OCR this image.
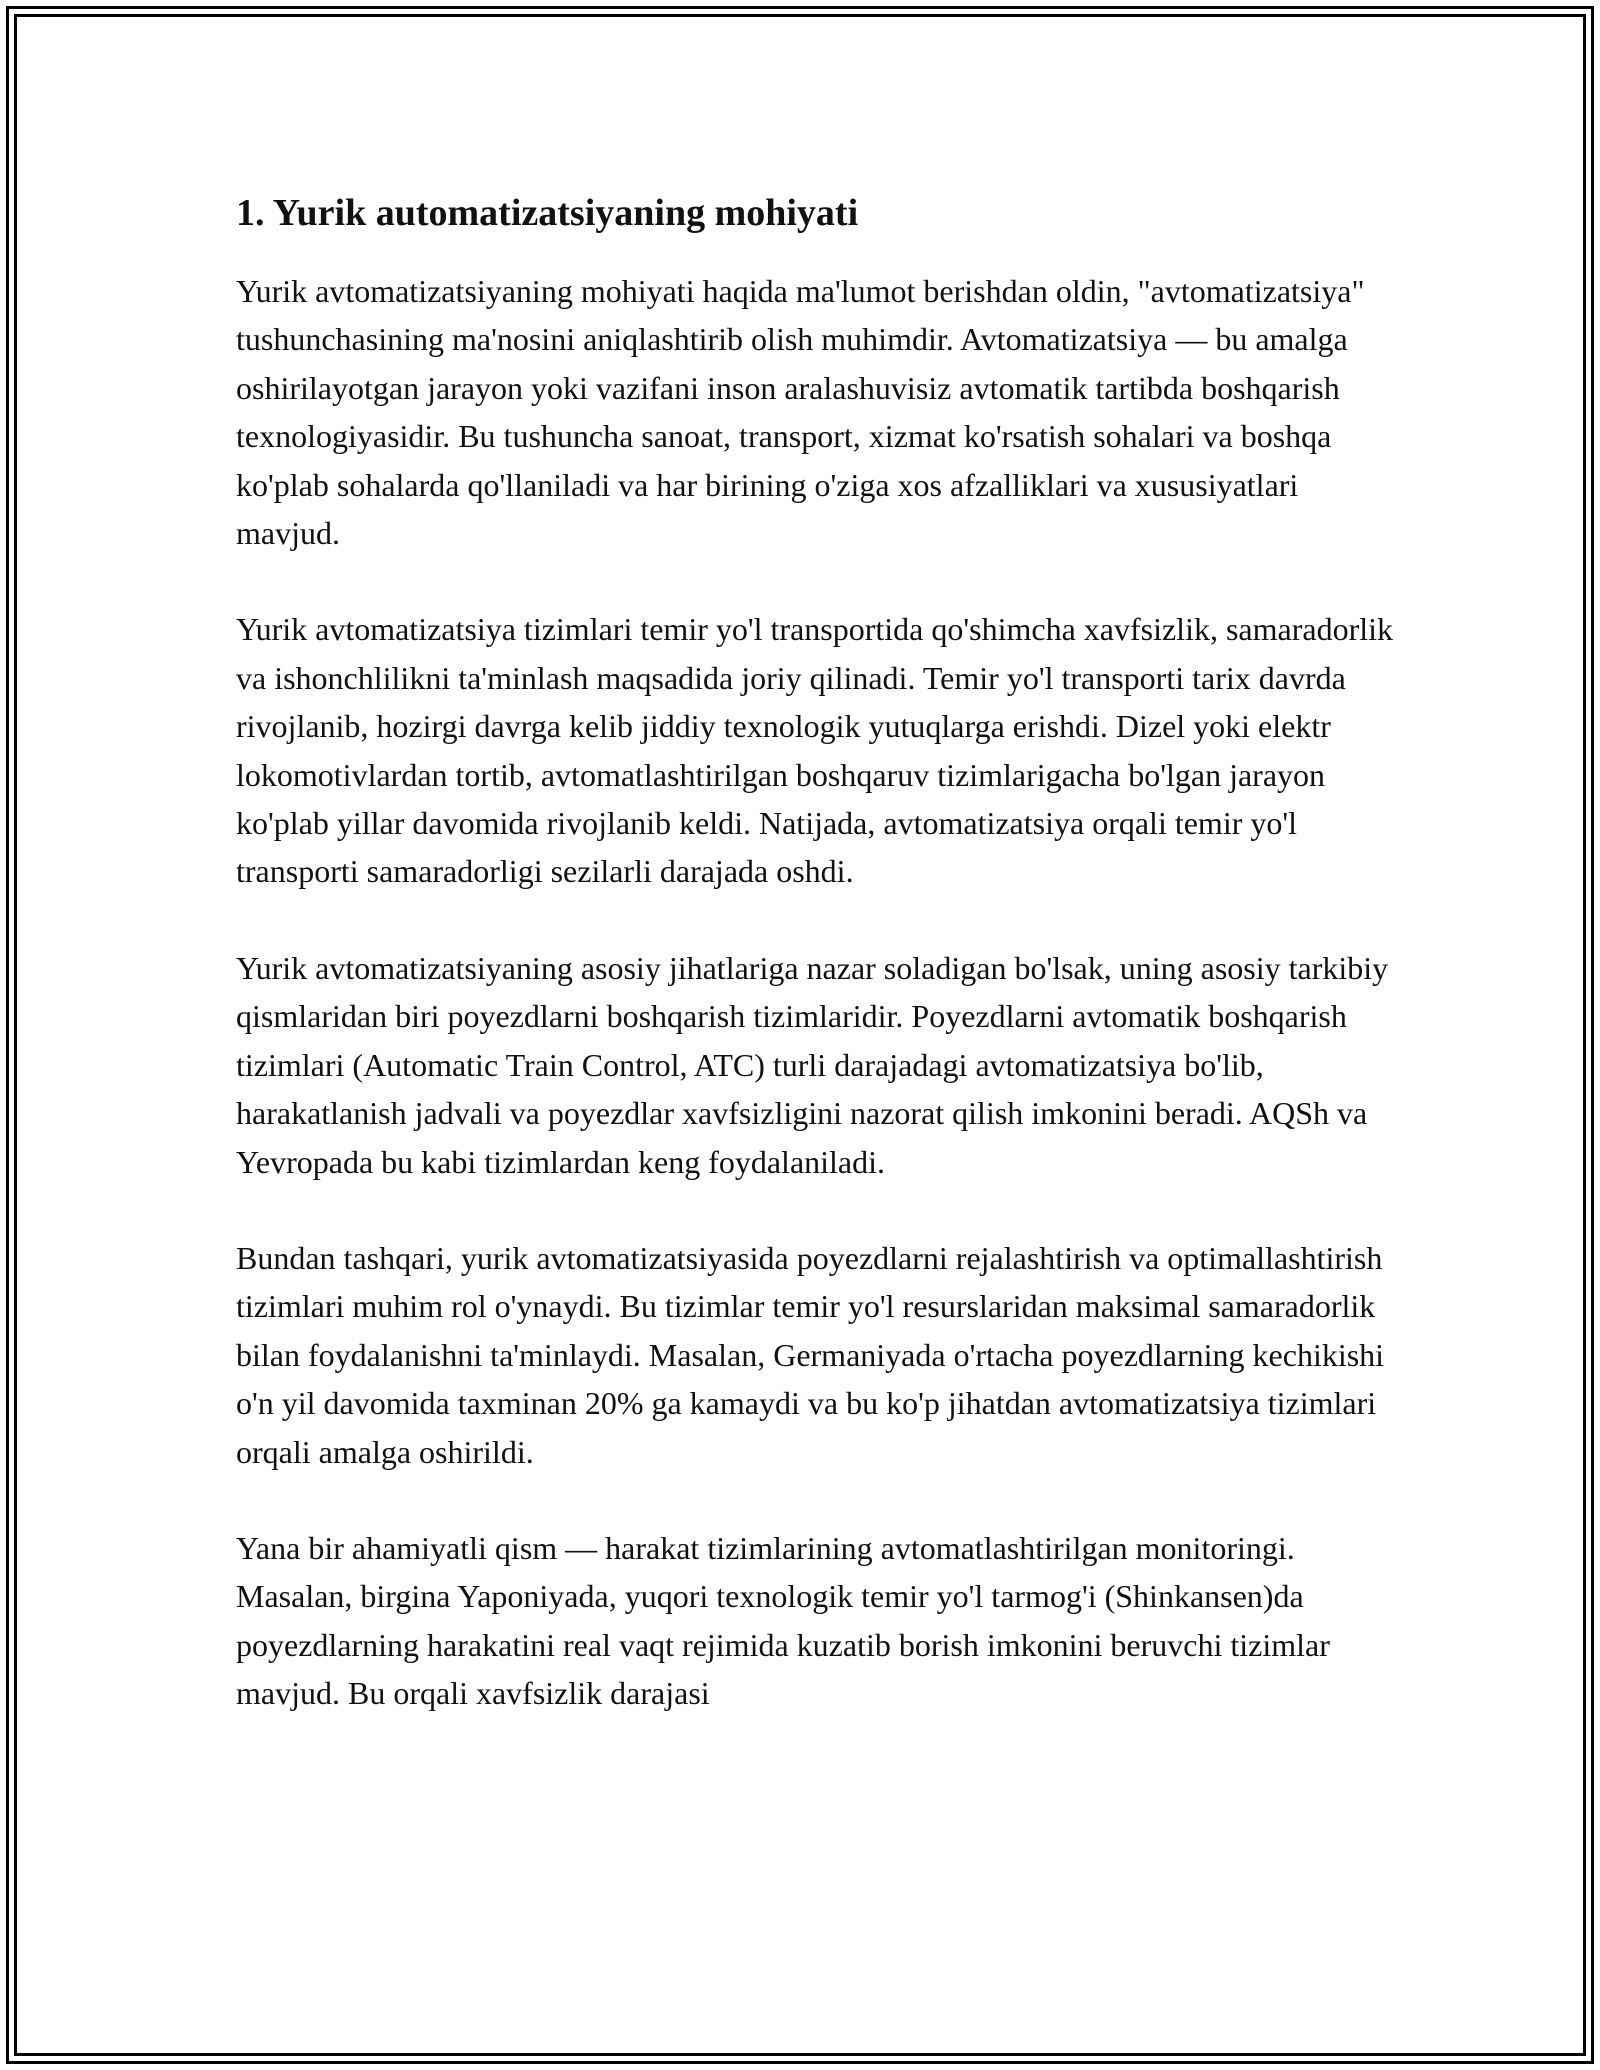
1. Yurik automatizatsiyaning mohiyati

Yurik avtomatizatsiyaning mohiyati haqida ma'lumot berishdan oldin, "avtomatizatsiya" tushunchasining ma'nosini aniqlashtirib olish muhimdir. Avtomatizatsiya — bu amalga oshirilayotgan jarayon yoki vazifani inson aralashuvisiz avtomatik tartibda boshqarish texnologiyasidir. Bu tushuncha sanoat, transport, xizmat ko'rsatish sohalari va boshqa ko'plab sohalarda qo'llaniladi va har birining o'ziga xos afzalliklari va xususiyatlari mavjud.

Yurik avtomatizatsiya tizimlari temir yo'l transportida qo'shimcha xavfsizlik, samaradorlik va ishonchlilikni ta'minlash maqsadida joriy qilinadi. Temir yo'l transporti tarix davrda rivojlanib, hozirgi davrga kelib jiddiy texnologik yutuqlarga erishdi. Dizel yoki elektr lokomotivlardan tortib, avtomatlashtirilgan boshqaruv tizimlarigacha bo'lgan jarayon ko'plab yillar davomida rivojlanib keldi. Natijada, avtomatizatsiya orqali temir yo'l transporti samaradorligi sezilarli darajada oshdi.

Yurik avtomatizatsiyaning asosiy jihatlariga nazar soladigan bo'lsak, uning asosiy tarkibiy qismlaridan biri poyezdlarni boshqarish tizimlaridir. Poyezdlarni avtomatik boshqarish tizimlari (Automatic Train Control, ATC) turli darajadagi avtomatizatsiya bo'lib, harakatlanish jadvali va poyezdlar xavfsizligini nazorat qilish imkonini beradi. AQSh va Yevropada bu kabi tizimlardan keng foydalaniladi.

Bundan tashqari, yurik avtomatizatsiyasida poyezdlarni rejalashtirish va optimallashtirish tizimlari muhim rol o'ynaydi. Bu tizimlar temir yo'l resurslaridan maksimal samaradorlik bilan foydalanishni ta'minlaydi. Masalan, Germaniyada o'rtacha poyezdlarning kechikishi o'n yil davomida taxminan 20% ga kamaydi va bu ko'p jihatdan avtomatizatsiya tizimlari orqali amalga oshirildi.

Yana bir ahamiyatli qism — harakat tizimlarining avtomatlashtirilgan monitoringi. Masalan, birgina Yaponiyada, yuqori texnologik temir yo'l tarmog'i (Shinkansen)da poyezdlarning harakatini real vaqt rejimida kuzatib borish imkonini beruvchi tizimlar mavjud. Bu orqali xavfsizlik darajasi
